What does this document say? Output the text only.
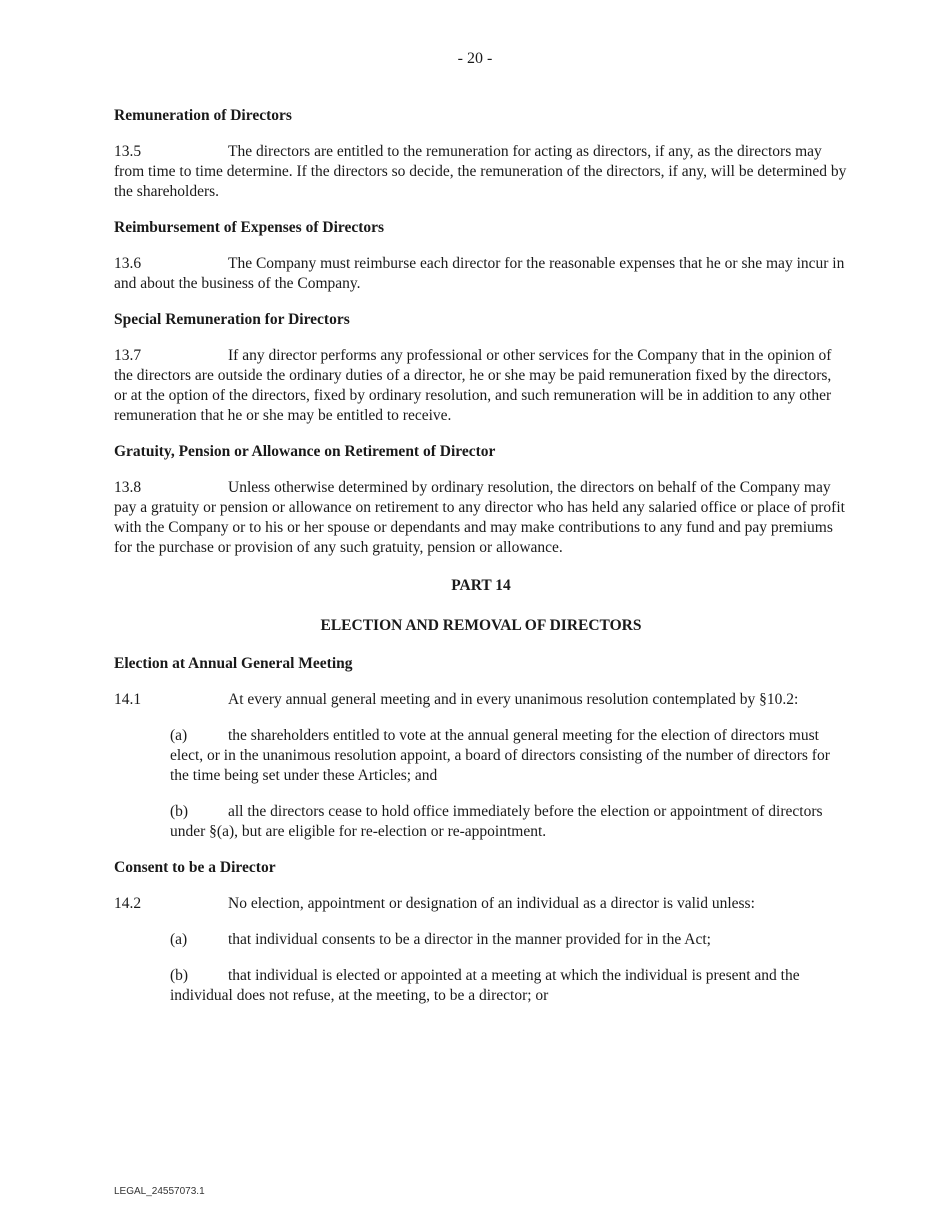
- 20 -
Remuneration of Directors
13.5	The directors are entitled to the remuneration for acting as directors, if any, as the directors may from time to time determine. If the directors so decide, the remuneration of the directors, if any, will be determined by the shareholders.
Reimbursement of Expenses of Directors
13.6	The Company must reimburse each director for the reasonable expenses that he or she may incur in and about the business of the Company.
Special Remuneration for Directors
13.7	If any director performs any professional or other services for the Company that in the opinion of the directors are outside the ordinary duties of a director, he or she may be paid remuneration fixed by the directors, or at the option of the directors, fixed by ordinary resolution, and such remuneration will be in addition to any other remuneration that he or she may be entitled to receive.
Gratuity, Pension or Allowance on Retirement of Director
13.8	Unless otherwise determined by ordinary resolution, the directors on behalf of the Company may pay a gratuity or pension or allowance on retirement to any director who has held any salaried office or place of profit with the Company or to his or her spouse or dependants and may make contributions to any fund and pay premiums for the purchase or provision of any such gratuity, pension or allowance.
PART 14
ELECTION AND REMOVAL OF DIRECTORS
Election at Annual General Meeting
14.1	At every annual general meeting and in every unanimous resolution contemplated by §10.2:
(a)	the shareholders entitled to vote at the annual general meeting for the election of directors must elect, or in the unanimous resolution appoint, a board of directors consisting of the number of directors for the time being set under these Articles; and
(b)	all the directors cease to hold office immediately before the election or appointment of directors under §(a), but are eligible for re-election or re-appointment.
Consent to be a Director
14.2	No election, appointment or designation of an individual as a director is valid unless:
(a)	that individual consents to be a director in the manner provided for in the Act;
(b)	that individual is elected or appointed at a meeting at which the individual is present and the individual does not refuse, at the meeting, to be a director; or
LEGAL_24557073.1
